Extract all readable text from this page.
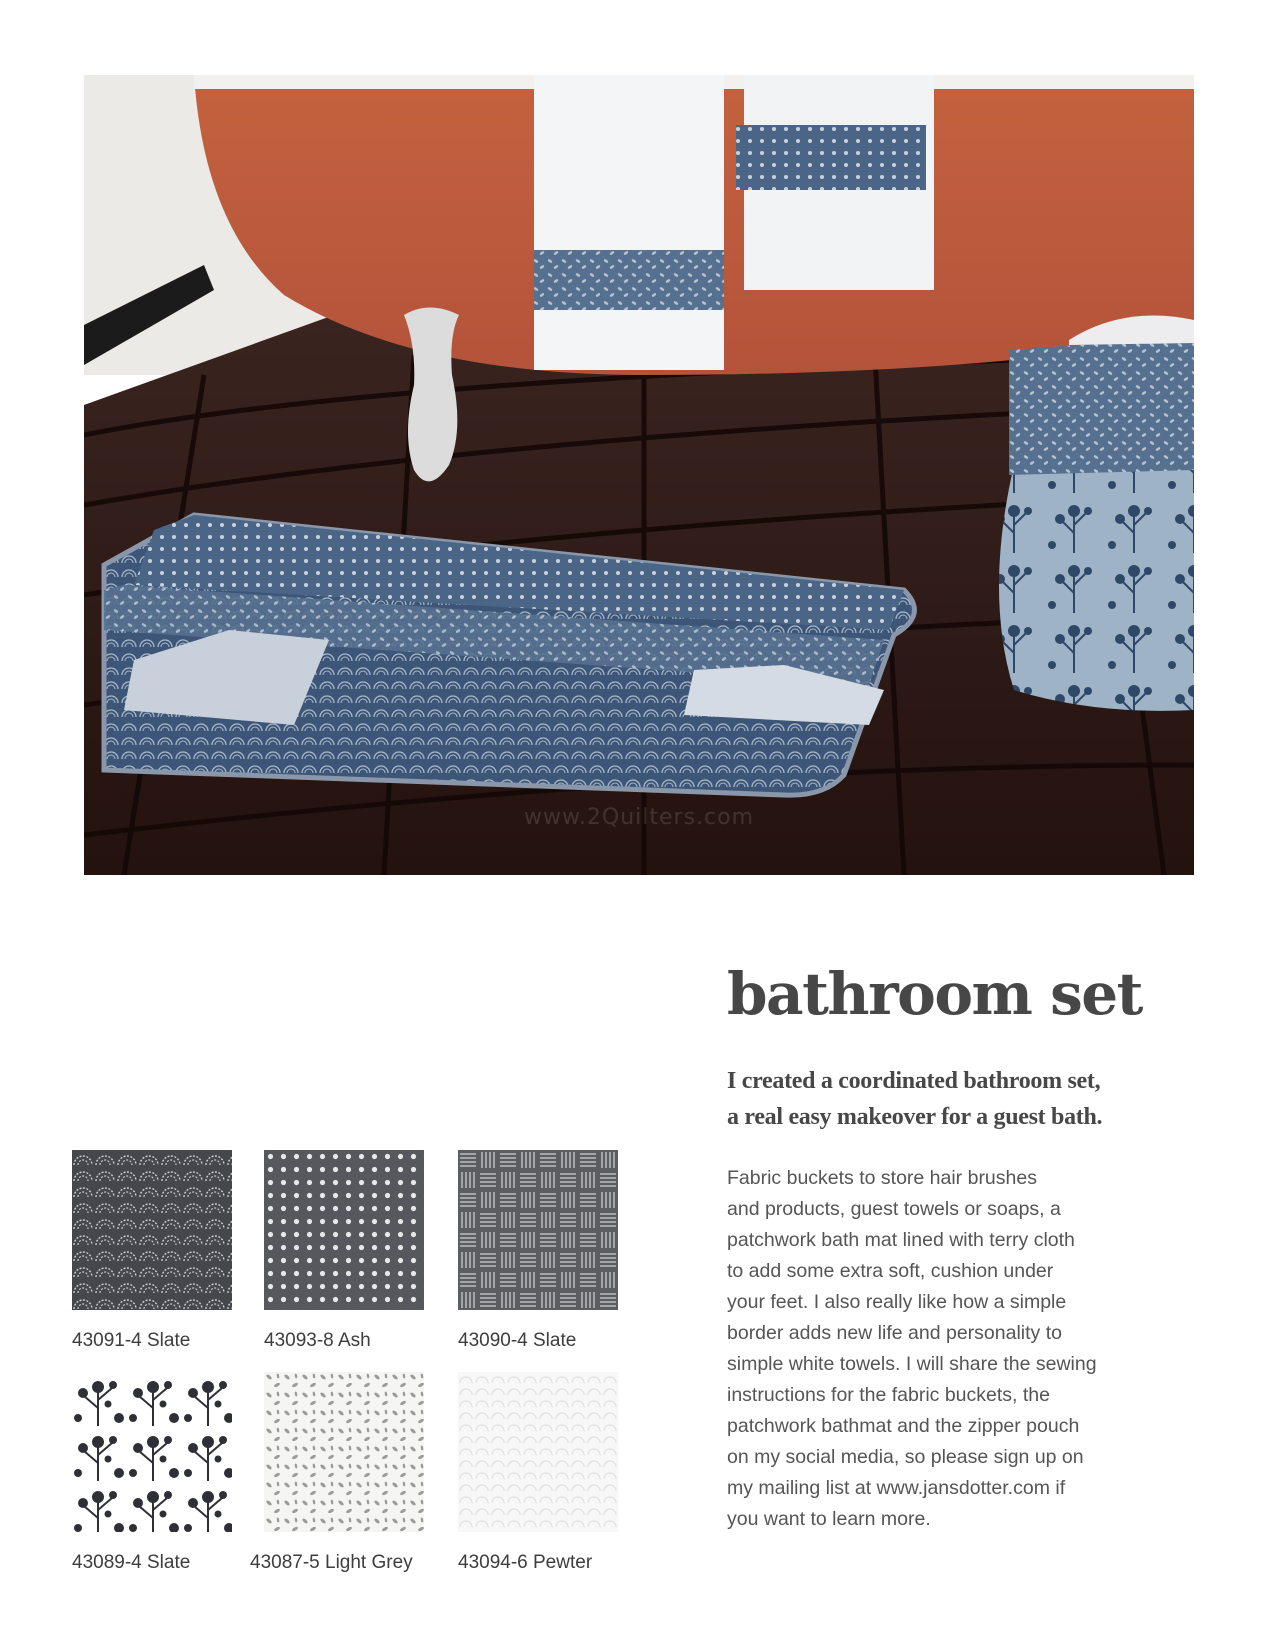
www.2Quilters.com
bathroom set

I created a coordinated bathroom set,
a real easy makeover for a guest bath.

Fabric buckets to store hair brushes
and products, guest towels or soaps, a
patchwork bath mat lined with terry cloth
to add some extra soft, cushion under
your feet. I also really like how a simple
border adds new life and personality to
simple white towels. I will share the sewing
instructions for the fabric buckets, the
patchwork bathmat and the zipper pouch
on my social media, so please sign up on
my mailing list at www.jansdotter.com if
you want to learn more.

43091-4 Slate	43093-8 Ash	43090-4 Slate
43089-4 Slate	43087-5 Light Grey 43094-6 Pewter
